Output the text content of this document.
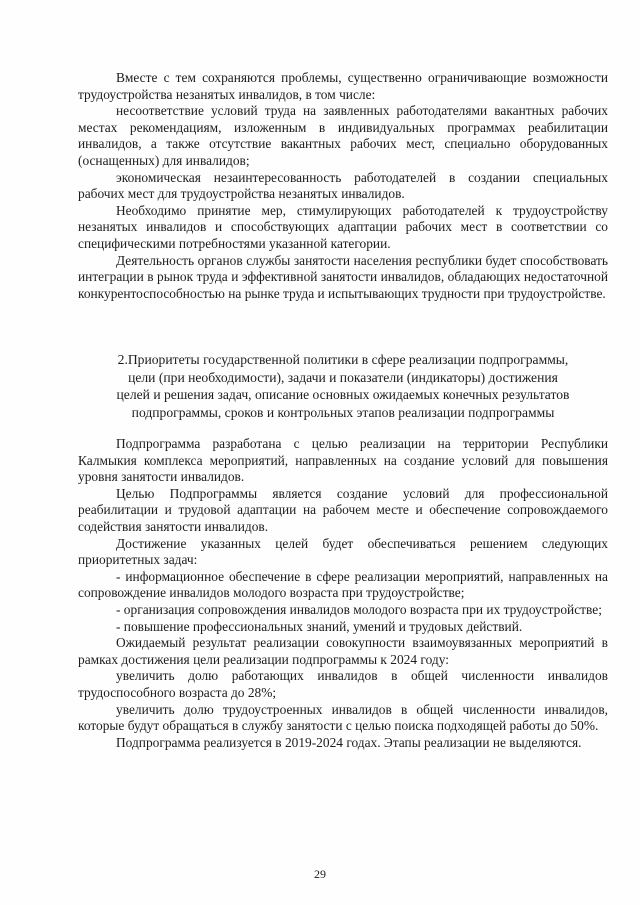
Вместе с тем сохраняются проблемы, существенно ограничивающие возможности трудоустройства незанятых инвалидов, в том числе:

несоответствие условий труда на заявленных работодателями вакантных рабочих местах рекомендациям, изложенным в индивидуальных программах реабилитации инвалидов, а также отсутствие вакантных рабочих мест, специально оборудованных (оснащенных) для инвалидов;

экономическая незаинтересованность работодателей в создании специальных рабочих мест для трудоустройства незанятых инвалидов.

Необходимо принятие мер, стимулирующих работодателей к трудоустройству незанятых инвалидов и способствующих адаптации рабочих мест в соответствии со специфическими потребностями указанной категории.

Деятельность органов службы занятости населения республики будет способствовать интеграции в рынок труда и эффективной занятости инвалидов, обладающих недостаточной конкурентоспособностью на рынке труда и испытывающих трудности при трудоустройстве.

2.Приоритеты государственной политики в сфере реализации подпрограммы,
цели (при необходимости), задачи и показатели (индикаторы) достижения
целей и решения задач, описание основных ожидаемых конечных результатов
подпрограммы, сроков и контрольных этапов реализации подпрограммы

Подпрограмма разработана с целью реализации на территории Республики Калмыкия комплекса мероприятий, направленных на создание условий для повышения уровня занятости инвалидов.

Целью Подпрограммы является создание условий для профессиональной реабилитации и трудовой адаптации на рабочем месте и обеспечение сопровождаемого содействия занятости инвалидов.

Достижение указанных целей будет обеспечиваться решением следующих приоритетных задач:

- информационное обеспечение в сфере реализации мероприятий, направленных на сопровождение инвалидов молодого возраста при трудоустройстве;

- организация сопровождения инвалидов молодого возраста при их трудоустройстве;

- повышение профессиональных знаний, умений и трудовых действий.

Ожидаемый результат реализации совокупности взаимоувязанных мероприятий в рамках достижения цели реализации подпрограммы к 2024 году:

увеличить долю работающих инвалидов в общей численности инвалидов трудоспособного возраста до 28%;

увеличить долю трудоустроенных инвалидов в общей численности инвалидов, которые будут обращаться в службу занятости с целью поиска подходящей работы до 50%.

Подпрограмма реализуется в 2019-2024 годах. Этапы реализации не выделяются.

29
